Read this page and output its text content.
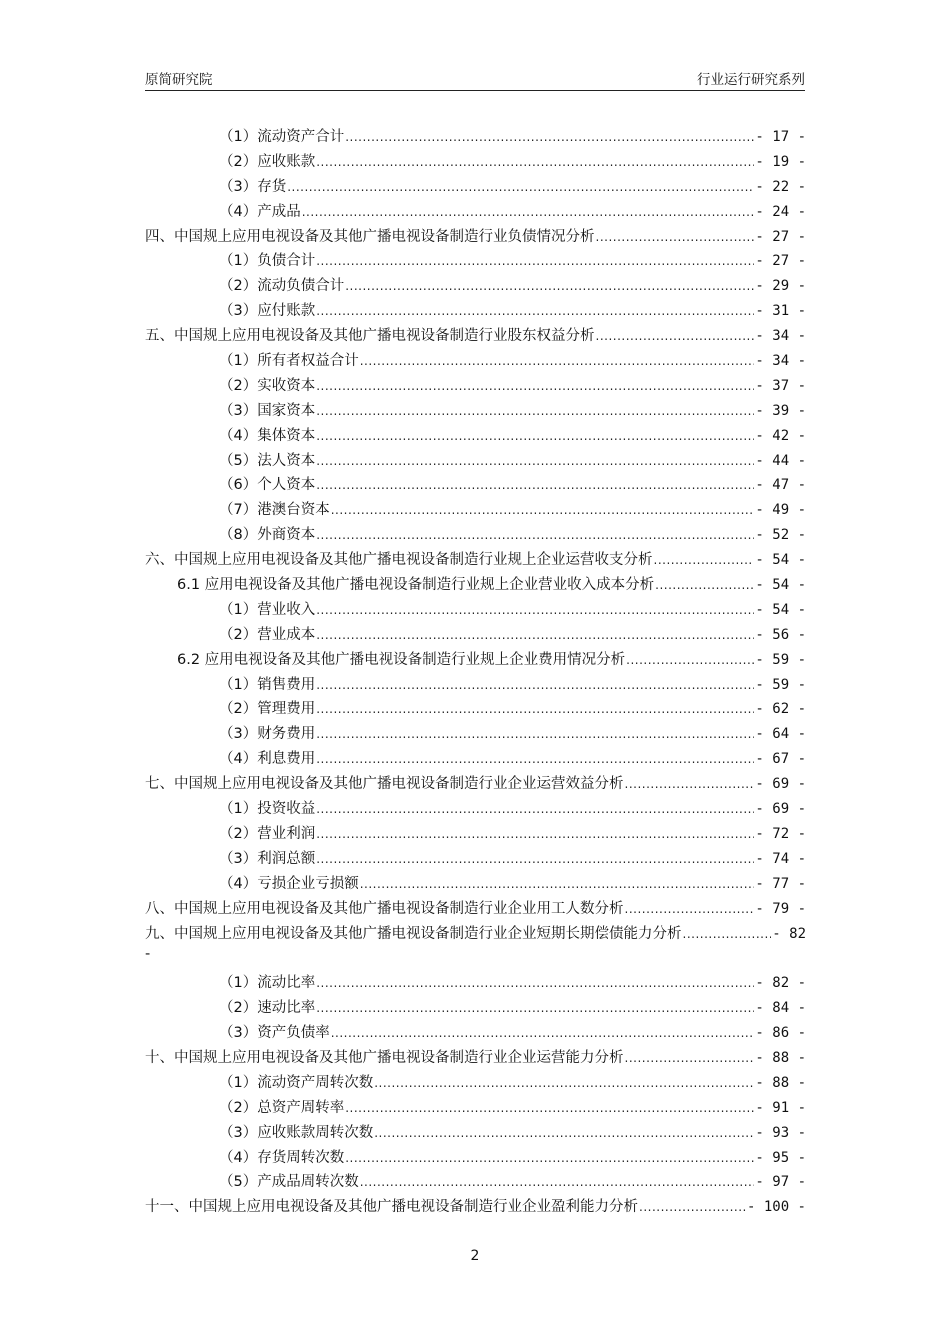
原简研究院	行业运行研究系列
（1）流动资产合计 .....	- 17 -
（2）应收账款 .....	- 19 -
（3）存货 .....	- 22 -
（4）产成品 .....	- 24 -
四、中国规上应用电视设备及其他广播电视设备制造行业负债情况分析 .....	- 27 -
（1）负债合计 .....	- 27 -
（2）流动负债合计 .....	- 29 -
（3）应付账款 .....	- 31 -
五、中国规上应用电视设备及其他广播电视设备制造行业股东权益分析 .....	- 34 -
（1）所有者权益合计 .....	- 34 -
（2）实收资本 .....	- 37 -
（3）国家资本 .....	- 39 -
（4）集体资本 .....	- 42 -
（5）法人资本 .....	- 44 -
（6）个人资本 .....	- 47 -
（7）港澳台资本 .....	- 49 -
（8）外商资本 .....	- 52 -
六、中国规上应用电视设备及其他广播电视设备制造行业规上企业运营收支分析 .....	- 54 -
6.1 应用电视设备及其他广播电视设备制造行业规上企业营业收入成本分析 .....	- 54 -
（1）营业收入 .....	- 54 -
（2）营业成本 .....	- 56 -
6.2 应用电视设备及其他广播电视设备制造行业规上企业费用情况分析 .....	- 59 -
（1）销售费用 .....	- 59 -
（2）管理费用 .....	- 62 -
（3）财务费用 .....	- 64 -
（4）利息费用 .....	- 67 -
七、中国规上应用电视设备及其他广播电视设备制造行业企业运营效益分析 .....	- 69 -
（1）投资收益 .....	- 69 -
（2）营业利润 .....	- 72 -
（3）利润总额 .....	- 74 -
（4）亏损企业亏损额 .....	- 77 -
八、中国规上应用电视设备及其他广播电视设备制造行业企业用工人数分析 .....	- 79 -
九、中国规上应用电视设备及其他广播电视设备制造行业企业短期长期偿债能力分析 .....	- 82
-
（1）流动比率 .....	- 82 -
（2）速动比率 .....	- 84 -
（3）资产负债率 .....	- 86 -
十、中国规上应用电视设备及其他广播电视设备制造行业企业运营能力分析 .....	- 88 -
（1）流动资产周转次数 .....	- 88 -
（2）总资产周转率 .....	- 91 -
（3）应收账款周转次数 .....	- 93 -
（4）存货周转次数 .....	- 95 -
（5）产成品周转次数 .....	- 97 -
十一、中国规上应用电视设备及其他广播电视设备制造行业企业盈利能力分析 .....	- 100 -
2
